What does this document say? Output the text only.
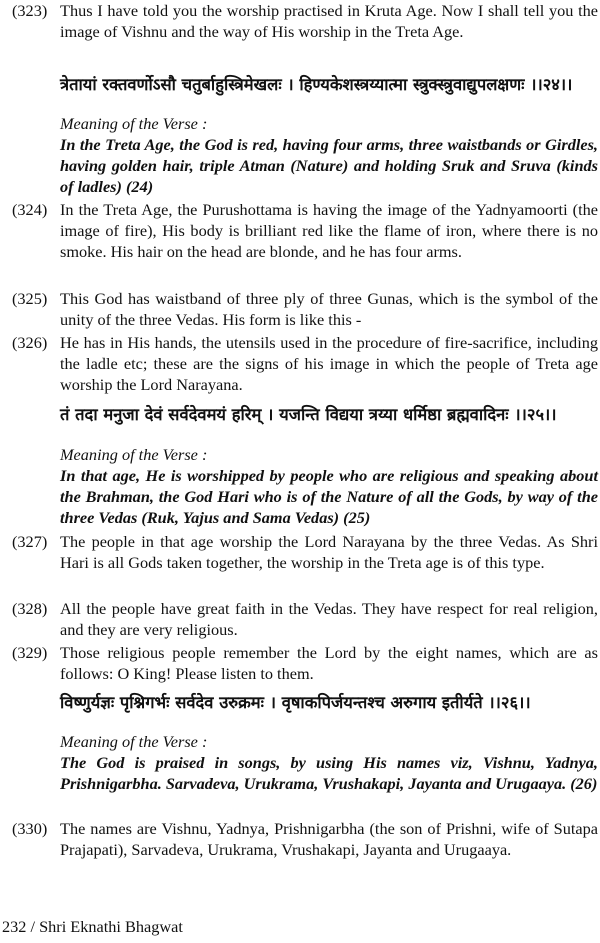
(323) Thus I have told you the worship practised in Kruta Age. Now I shall tell you the image of Vishnu and the way of His worship in the Treta Age.
त्रेतायां रक्तवर्णोऽसौ चतुर्बाहुस्त्रिमेखलः । हिण्यकेशस्त्रय्यात्मा स्त्रुक्स्त्रुवाद्युपलक्षणः ।।२४।।
Meaning of the Verse :
In the Treta Age, the God is red, having four arms, three waistbands or Girdles, having golden hair, triple Atman (Nature) and holding Sruk and Sruva (kinds of ladles) (24)
(324) In the Treta Age, the Purushottama is having the image of the Yadnyamoorti (the image of fire), His body is brilliant red like the flame of iron, where there is no smoke. His hair on the head are blonde, and he has four arms.
(325) This God has waistband of three ply of three Gunas, which is the symbol of the unity of the three Vedas. His form is like this -
(326) He has in His hands, the utensils used in the procedure of fire-sacrifice, including the ladle etc; these are the signs of his image in which the people of Treta age worship the Lord Narayana.
तं तदा मनुजा देवं सर्वदेवमयं हरिम् । यजन्ति विद्यया त्रय्या धर्मिष्ठा ब्रह्मवादिनः ।।२५।।
Meaning of the Verse :
In that age, He is worshipped by people who are religious and speaking about the Brahman, the God Hari who is of the Nature of all the Gods, by way of the three Vedas (Ruk, Yajus and Sama Vedas) (25)
(327) The people in that age worship the Lord Narayana by the three Vedas. As Shri Hari is all Gods taken together, the worship in the Treta age is of this type.
(328) All the people have great faith in the Vedas. They have respect for real religion, and they are very religious.
(329) Those religious people remember the Lord by the eight names, which are as follows: O King! Please listen to them.
विष्णुर्यज्ञः पृश्निगर्भः सर्वदेव उरुक्रमः । वृषाकपिर्जयन्तश्च अरुगाय इतीर्यते ।।२६।।
Meaning of the Verse :
The God is praised in songs, by using His names viz, Vishnu, Yadnya, Prishnigarbha. Sarvadeva, Urukrama, Vrushakapi, Jayanta and Urugaaya. (26)
(330) The names are Vishnu, Yadnya, Prishnigarbha (the son of Prishni, wife of Sutapa Prajapati), Sarvadeva, Urukrama, Vrushakapi, Jayanta and Urugaaya.
232 / Shri Eknathi Bhagwat
